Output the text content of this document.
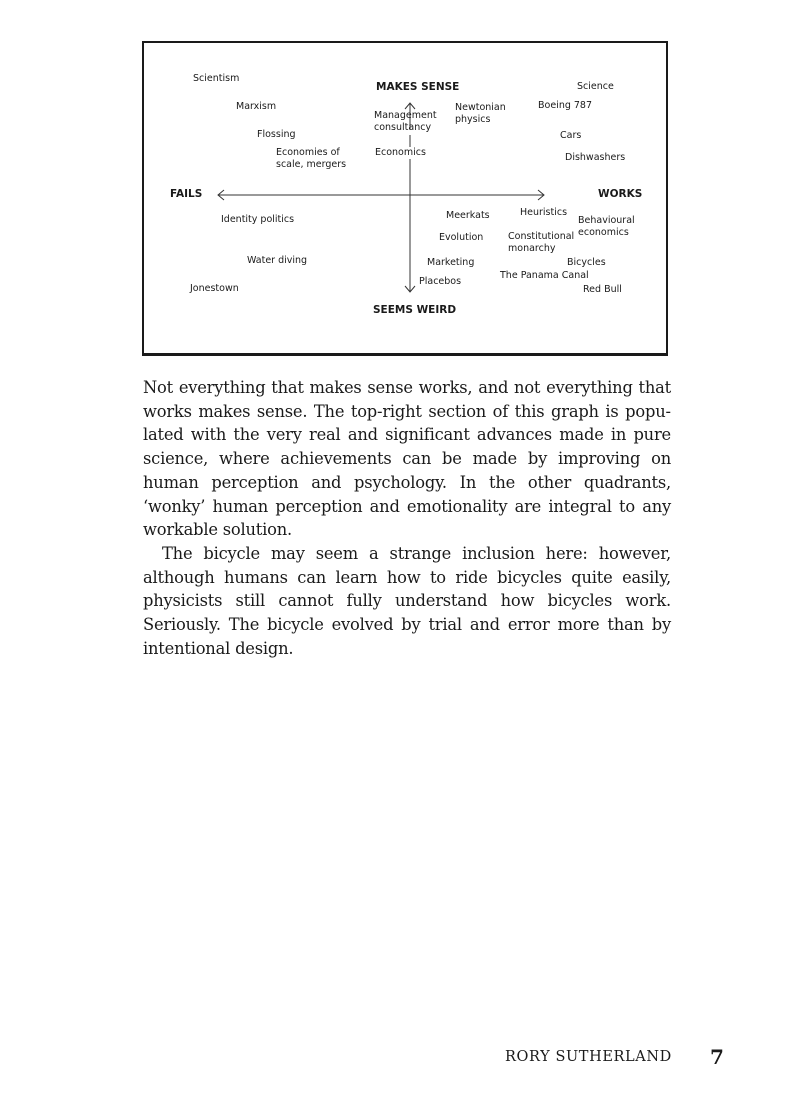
MAKES SENSE
SEEMS WEIRD
FAILS	WORKS
Scientism
Marxism
Flossing
Economies of
scale, mergers
Management
consultancy
Economics
Newtonian
physics
Science
Boeing 787
Cars
Dishwashers
Identity politics
Water diving
Jonestown
Meerkats	Heuristics
Behavioural
economics
Evolution	Constitutional
monarchy
Marketing	Bicycles
Placebos
The Panama Canal
Red Bull

Not everything that makes sense works, and not everything that works makes sense. The top-right section of this graph is populated with the very real and significant advances made in pure science, where achievements can be made by improving on human perception and psychology. In the other quadrants, ‘wonky’ human perception and emotionality are integral to any workable solution.

The bicycle may seem a strange inclusion here: however, although humans can learn how to ride bicycles quite easily, physicists still cannot fully understand how bicycles work. Seriously. The bicycle evolved by trial and error more than by intentional design.

RORY SUTHERLAND 7
